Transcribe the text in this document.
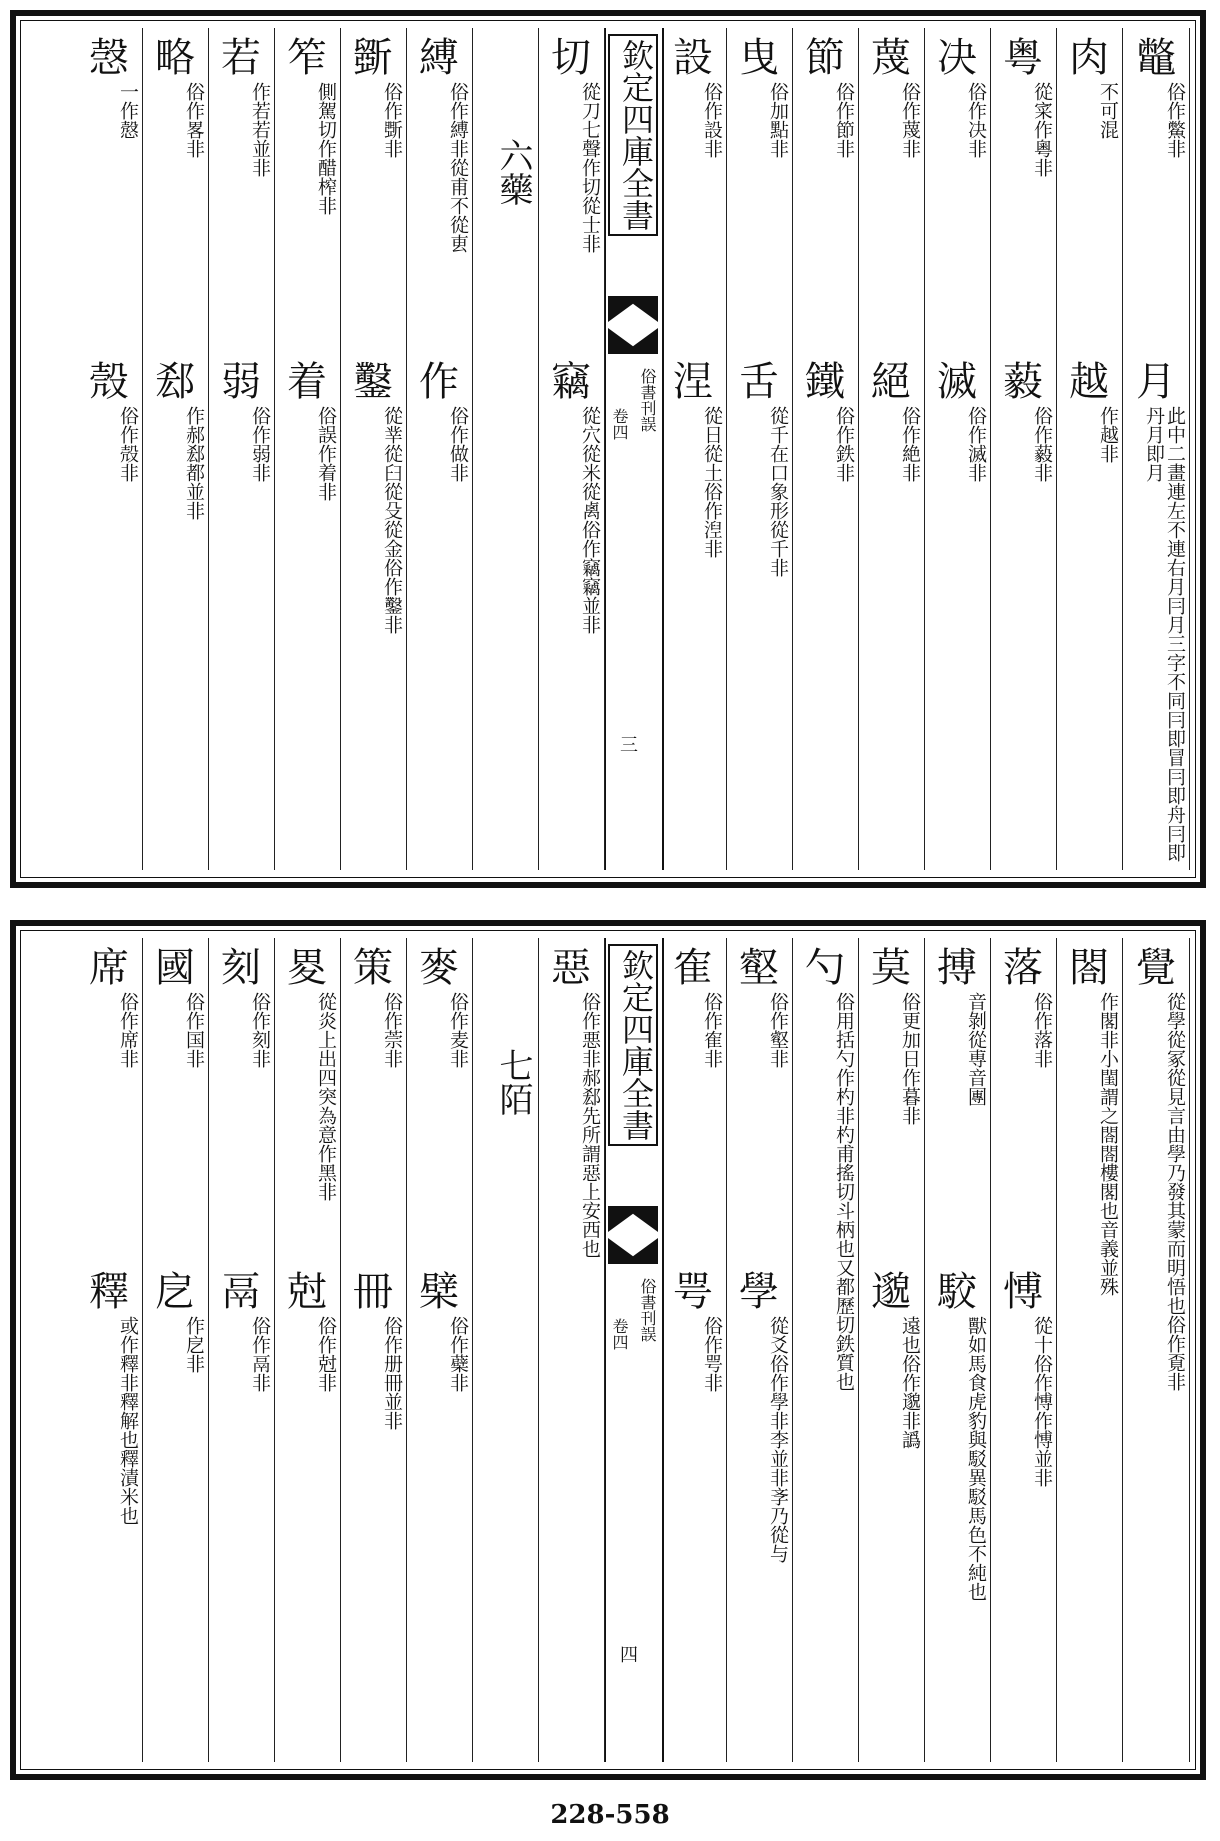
鼈
俗作鱉非
月
此中二畫連左不連右月冃月三字不同冃即冒冃即舟冃即丹月即月
肉
不可混
越
作越非
粤
從寀作粵非
藙
俗作藙非
决
俗作决非
滅
俗作滅非
蔑
俗作蔑非
絕
俗作絶非
節
俗作節非
鐵
俗作鉄非
曳
俗加點非
舌
從千在口象形從千非
設
俗作設非
涅
從日從土俗作湼非
欽定四庫全書
俗書刊誤
卷四
三
切
從刀七聲作切從士非
竊
從穴從米從禼俗作竊竊並非
六藥
縛
俗作縛非從甫不從叀
作
俗作做非
斵
俗作斲非
鑿
從丵從臼從殳從金俗作鑿非
笮
側駕切作醋榨非
着
俗誤作着非
若
作若若並非
弱
俗作弱非
略
俗作畧非
郄
作郝郄都並非
愨
一作慤
殼
俗作殻非
覺
從學從冢從見言由學乃發其蒙而明悟也俗作覔非
閤
作閣非小閨謂之閤閤樓閣也音義並殊
落
俗作落非
愽
從十俗作愽作愽並非
搏
音剝從尃音團
駮
獸如馬食虎豹與駁異駁馬色不純也
莫
俗更加日作暮非
邈
遠也俗作邈非譌
勺
俗用括勺作杓非杓甫搖切斗柄也又都歷切鉄質也
壑
俗作壑非
學
從爻俗作學非李並非斈乃從与
隺
俗作隺非
咢
俗作咢非
欽定四庫全書
俗書刊誤
卷四
四
惡
俗作悪非郝郄先所謂惡上安西也
七陌
麥
俗作麦非
檗
俗作蘗非
策
俗作萗非
冊
俗作册冊並非
畟
從炎上出四突為意作黑非
尅
俗作尅非
刻
俗作刻非
鬲
俗作鬲非
國
俗作国非
戹
作戹非
席
俗作席非
釋
或作釋非釋解也釋漬米也
228-558
